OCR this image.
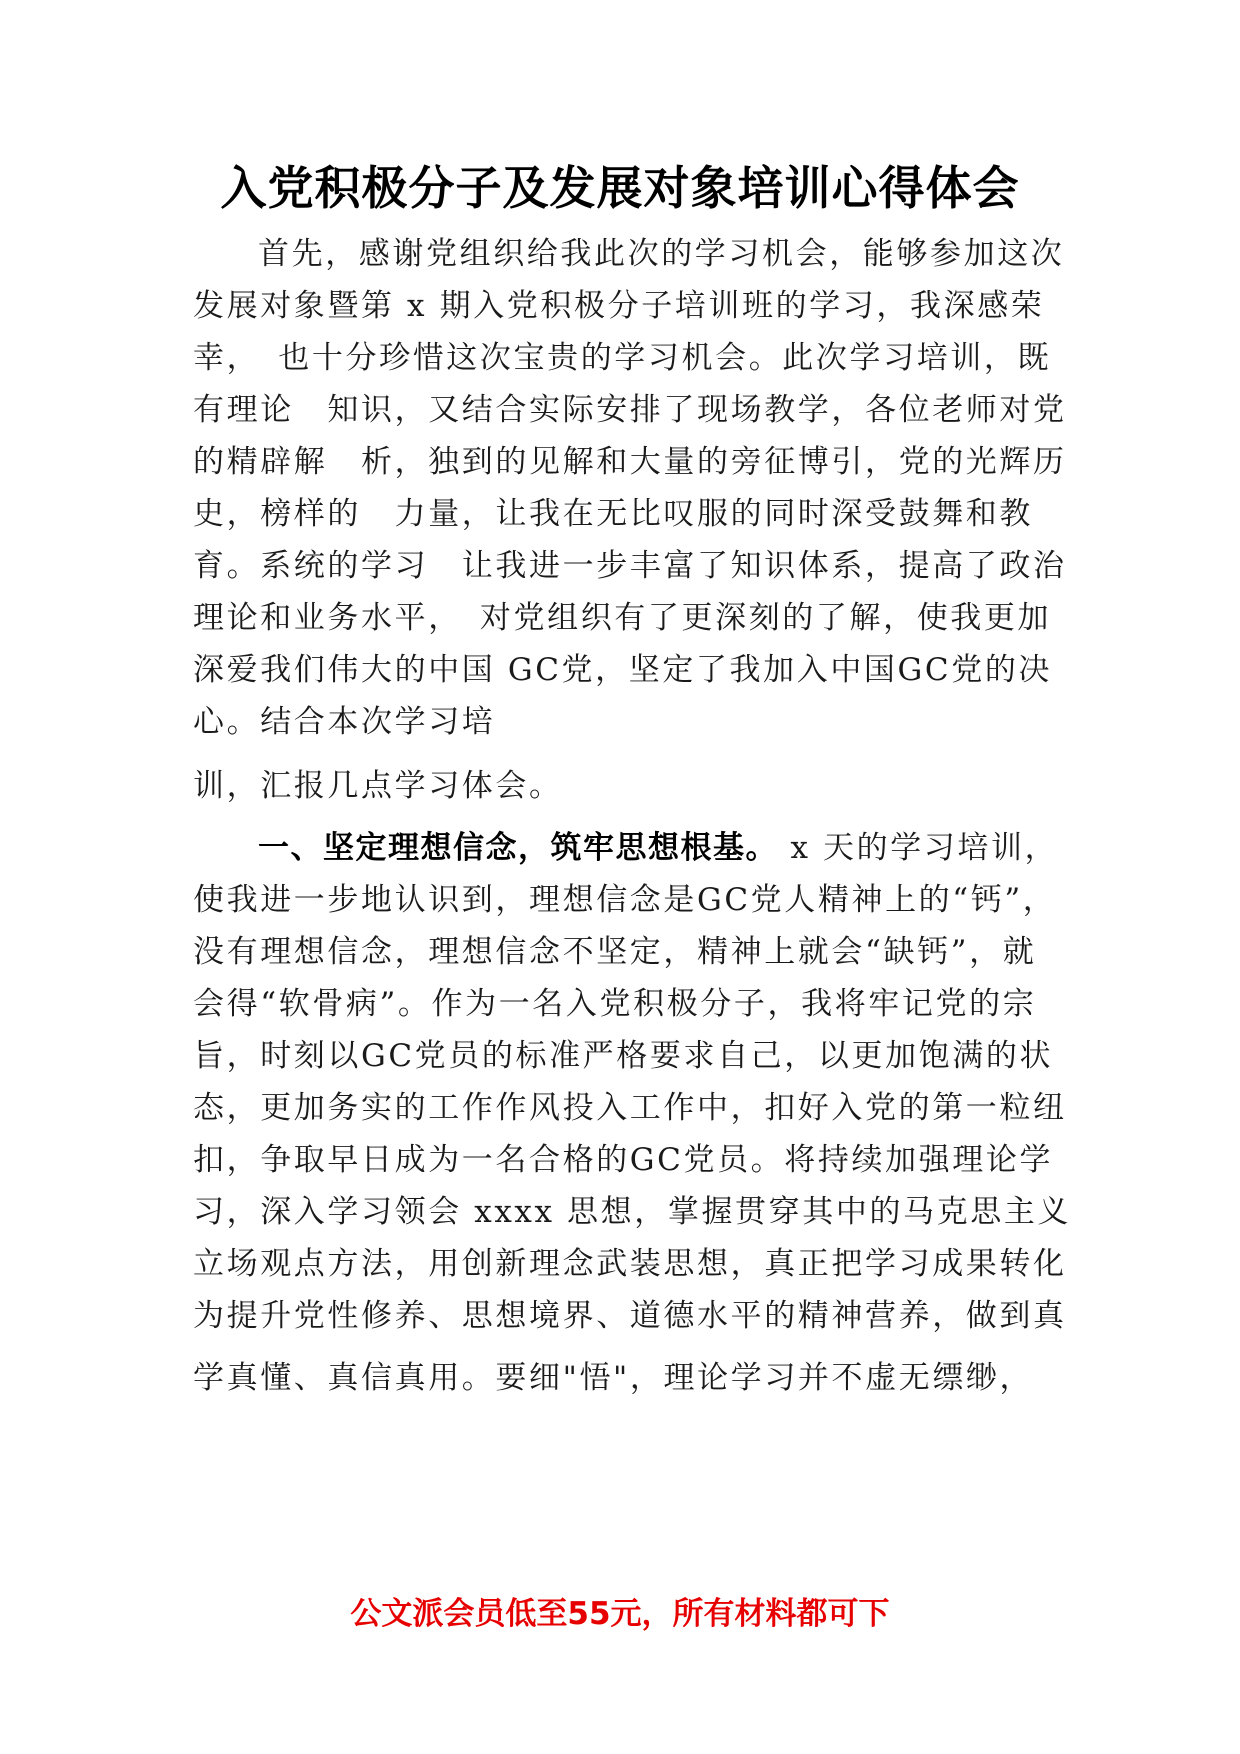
入党积极分子及发展对象培训心得体会
首先，感谢党组织给我此次的学习机会，能够参加这次
发展对象暨第 x 期入党积极分子培训班的学习，我深感荣
幸，　也十分珍惜这次宝贵的学习机会。此次学习培训，既
有理论　知识，又结合实际安排了现场教学，各位老师对党
的精辟解　析，独到的见解和大量的旁征博引，党的光辉历
史，榜样的　力量，让我在无比叹服的同时深受鼓舞和教
育。系统的学习　让我进一步丰富了知识体系，提高了政治
理论和业务水平，　对党组织有了更深刻的了解，使我更加
深爱我们伟大的中国 GC党，坚定了我加入中国GC党的决
心。结合本次学习培
训，汇报几点学习体会。
一、坚定理想信念，筑牢思想根基。 x 天的学习培训，
使我进一步地认识到，理想信念是GC党人精神上的“钙”，
没有理想信念，理想信念不坚定，精神上就会“缺钙”，就
会得“软骨病”。作为一名入党积极分子，我将牢记党的宗
旨，时刻以GC党员的标准严格要求自己，以更加饱满的状
态，更加务实的工作作风投入工作中，扣好入党的第一粒纽
扣，争取早日成为一名合格的GC党员。将持续加强理论学
习，深入学习领会 xxxx 思想，掌握贯穿其中的马克思主义
立场观点方法，用创新理念武装思想，真正把学习成果转化
为提升党性修养、思想境界、道德水平的精神营养，做到真
学真懂、真信真用。要细"悟"，理论学习并不虚无缥缈，
公文派会员低至55元，所有材料都可下
